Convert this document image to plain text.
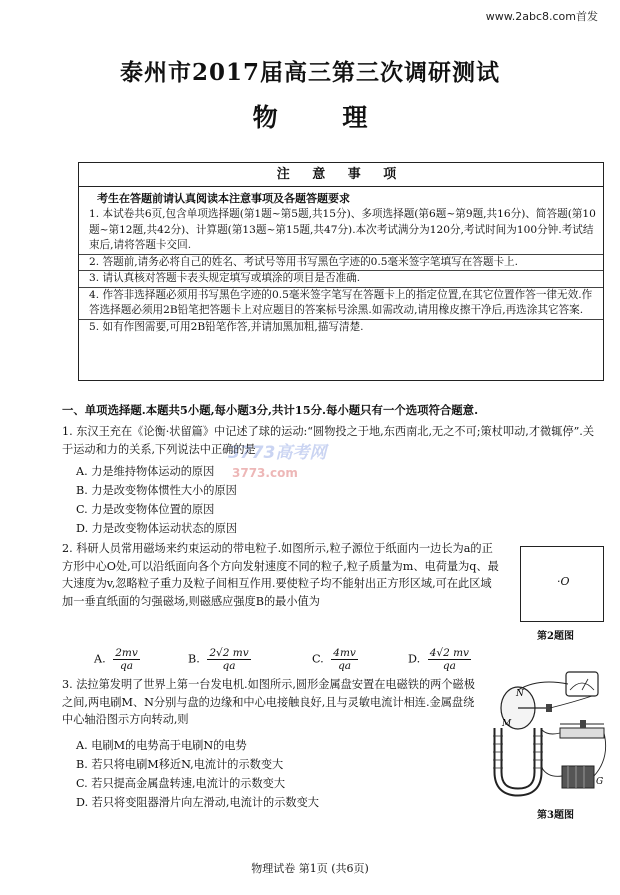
www.2abc8.com首发
泰州市2017届高三第三次调研测试
物 理
注 意 事 项
考生在答题前请认真阅读本注意事项及各题答题要求
1. 本试卷共6页,包含单项选择题(第1题~第5题,共15分)、多项选择题(第6题~第9题,共16分)、简答题(第10题~第12题,共42分)、计算题(第13题~第15题,共47分).本次考试满分为120分,考试时间为100分钟.考试结束后,请将答题卡交回.
2. 答题前,请务必将自己的姓名、考试号等用书写黑色字迹的0.5毫米签字笔填写在答题卡上.
3. 请认真核对答题卡表头规定填写或填涂的项目是否准确.
4. 作答非选择题必须用书写黑色字迹的0.5毫米签字笔写在答题卡上的指定位置,在其它位置作答一律无效.作答选择题必须用2B铅笔把答题卡上对应题目的答案标号涂黑.如需改动,请用橡皮擦干净后,再选涂其它答案.
5. 如有作图需要,可用2B铅笔作答,并请加黑加粗,描写清楚.
一、单项选择题.本题共5小题,每小题3分,共计15分.每小题只有一个选项符合题意.
3773高考网
3773.com
1. 东汉王充在《论衡·状留篇》中记述了球的运动:“圆物投之于地,东西南北,无之不可;策杖叩动,才微辄停”.关于运动和力的关系,下列说法中正确的是
A. 力是维持物体运动的原因
B. 力是改变物体惯性大小的原因
C. 力是改变物体位置的原因
D. 力是改变物体运动状态的原因
2. 科研人员常用磁场来约束运动的带电粒子.如图所示,粒子源位于纸面内一边长为a的正方形中心O处,可以沿纸面向各个方向发射速度不同的粒子,粒子质量为m、电荷量为q、最大速度为v,忽略粒子重力及粒子间相互作用.要使粒子均不能射出正方形区域,可在此区域加一垂直纸面的匀强磁场,则磁感应强度B的最小值为
·O
第2题图
A. $\frac{2mv}{qa}$	B. $\frac{2√2 mv}{qa}$	C. $\frac{4mv}{qa}$	D. $\frac{4√2 mv}{qa}$
3. 法拉第发明了世界上第一台发电机.如图所示,圆形金属盘安置在电磁铁的两个磁极之间,两电刷M、N分别与盘的边缘和中心电接触良好,且与灵敏电流计相连.金属盘绕中心轴沿图示方向转动,则
A. 电刷M的电势高于电刷N的电势
B. 若只将电刷M移近N,电流计的示数变大
C. 若只提高金属盘转速,电流计的示数变大
D. 若只将变阻器滑片向左滑动,电流计的示数变大
N
M
G
第3题图
物理试卷 第1页 (共6页)
